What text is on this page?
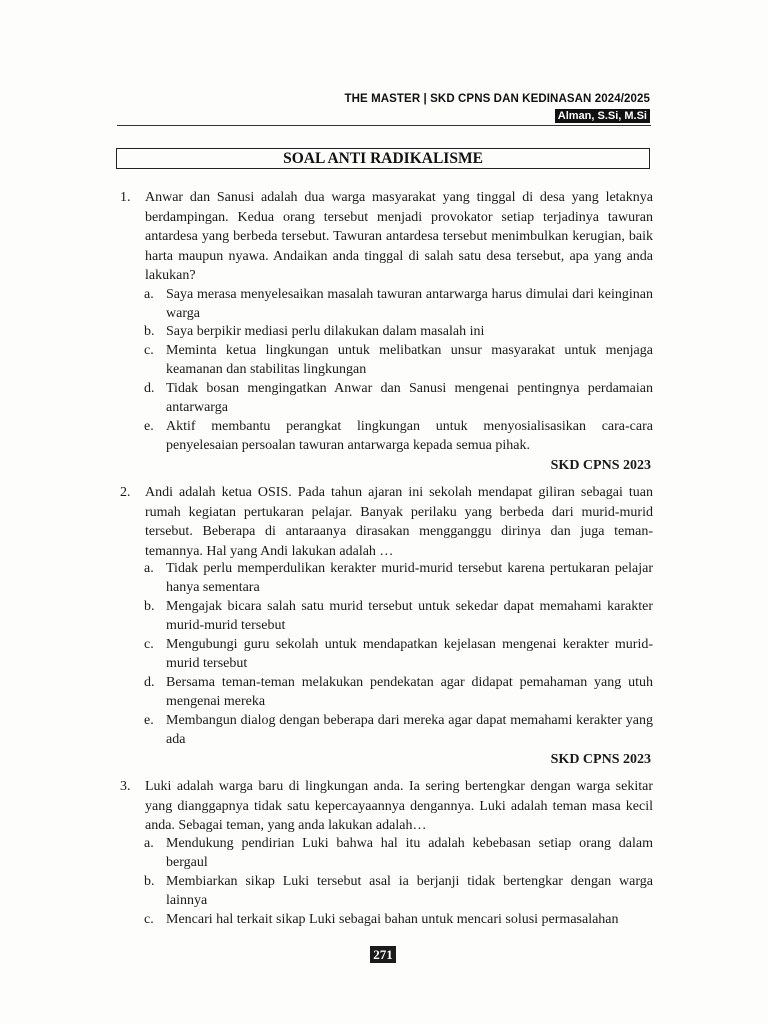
THE MASTER | SKD CPNS DAN KEDINASAN 2024/2025
Alman, S.Si, M.Si
SOAL ANTI RADIKALISME
1. Anwar dan Sanusi adalah dua warga masyarakat yang tinggal di desa yang letaknya berdampingan. Kedua orang tersebut menjadi provokator setiap terjadinya tawuran antardesa yang berbeda tersebut. Tawuran antardesa tersebut menimbulkan kerugian, baik harta maupun nyawa. Andaikan anda tinggal di salah satu desa tersebut, apa yang anda lakukan?
a. Saya merasa menyelesaikan masalah tawuran antarwarga harus dimulai dari keinginan warga
b. Saya berpikir mediasi perlu dilakukan dalam masalah ini
c. Meminta ketua lingkungan untuk melibatkan unsur masyarakat untuk menjaga keamanan dan stabilitas lingkungan
d. Tidak bosan mengingatkan Anwar dan Sanusi mengenai pentingnya perdamaian antarwarga
e. Aktif membantu perangkat lingkungan untuk menyosialisasikan cara-cara penyelesaian persoalan tawuran antarwarga kepada semua pihak.
SKD CPNS 2023
2. Andi adalah ketua OSIS. Pada tahun ajaran ini sekolah mendapat giliran sebagai tuan rumah kegiatan pertukaran pelajar. Banyak perilaku yang berbeda dari murid-murid tersebut. Beberapa di antaraanya dirasakan mengganggu dirinya dan juga teman-temannya. Hal yang Andi lakukan adalah …
a. Tidak perlu memperdulikan kerakter murid-murid tersebut karena pertukaran pelajar hanya sementara
b. Mengajak bicara salah satu murid tersebut untuk sekedar dapat memahami karakter murid-murid tersebut
c. Mengubungi guru sekolah untuk mendapatkan kejelasan mengenai kerakter murid-murid tersebut
d. Bersama teman-teman melakukan pendekatan agar didapat pemahaman yang utuh mengenai mereka
e. Membangun dialog dengan beberapa dari mereka agar dapat memahami kerakter yang ada
SKD CPNS 2023
3. Luki adalah warga baru di lingkungan anda. Ia sering bertengkar dengan warga sekitar yang dianggapnya tidak satu kepercayaannya dengannya. Luki adalah teman masa kecil anda. Sebagai teman, yang anda lakukan adalah…
a. Mendukung pendirian Luki bahwa hal itu adalah kebebasan setiap orang dalam bergaul
b. Membiarkan sikap Luki tersebut asal ia berjanji tidak bertengkar dengan warga lainnya
c. Mencari hal terkait sikap Luki sebagai bahan untuk mencari solusi permasalahan
271
